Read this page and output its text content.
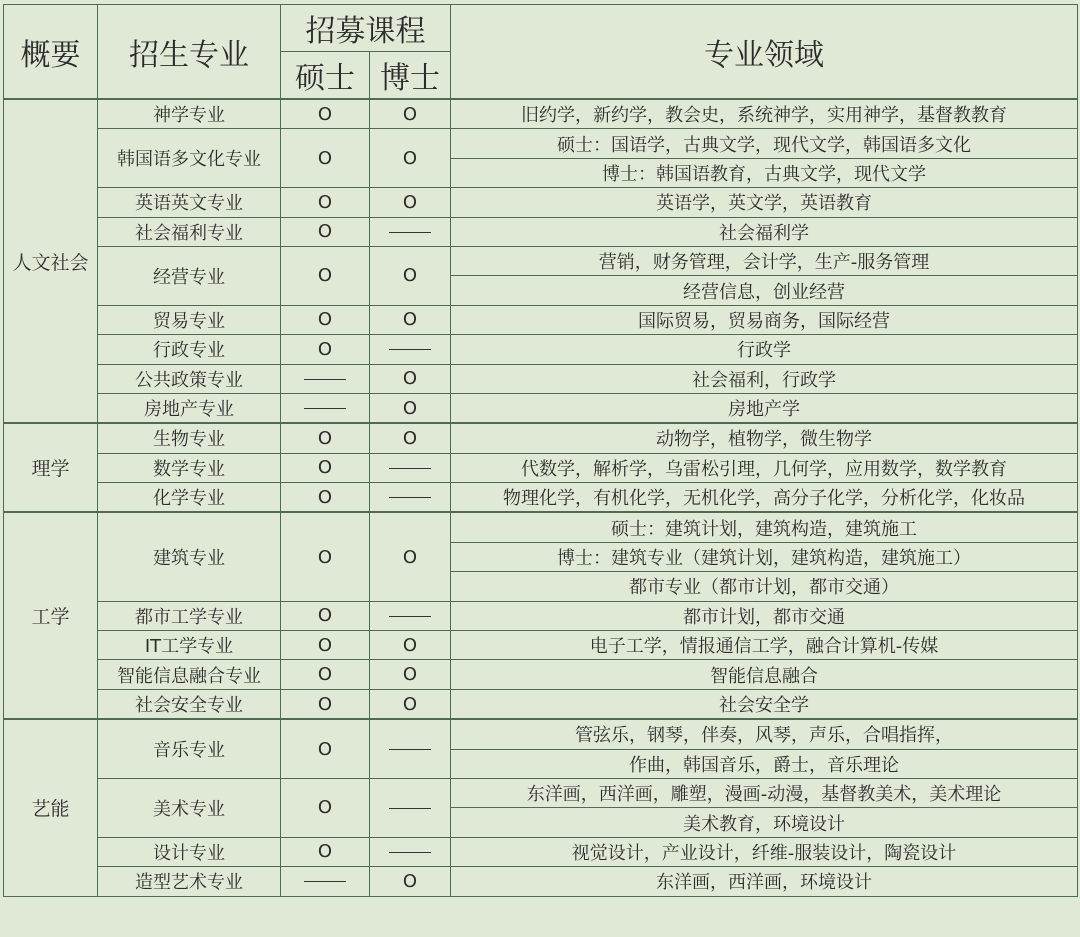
概要	招生专业	招募课程		专业领域
		硕士	博士	
人文社会	神学专业	O	O	旧约学，新约学，教会史，系统神学，实用神学，基督教教育
	韩国语多文化专业	O	O	硕士：国语学，古典文学，现代文学，韩国语多文化
				博士：韩国语教育，古典文学，现代文学
	英语英文专业	O	O	英语学，英文学，英语教育
	社会福利专业	O		社会福利学
	经营专业	O	O	营销，财务管理，会计学，生产-服务管理
				经营信息，创业经营
	贸易专业	O	O	国际贸易，贸易商务，国际经营
	行政专业	O		行政学
	公共政策专业		O	社会福利，行政学
	房地产专业		O	房地产学
理学	生物专业	O	O	动物学，植物学，微生物学
	数学专业	O		代数学，解析学，乌雷松引理，几何学，应用数学，数学教育
	化学专业	O		物理化学，有机化学，无机化学，高分子化学，分析化学，化妆品
工学	建筑专业	O	O	硕士：建筑计划，建筑构造，建筑施工
				博士：建筑专业（建筑计划，建筑构造，建筑施工）
				都市专业（都市计划，都市交通）
	都市工学专业	O		都市计划，都市交通
	IT工学专业	O	O	电子工学，情报通信工学，融合计算机-传媒
	智能信息融合专业	O	O	智能信息融合
	社会安全专业	O	O	社会安全学
艺能	音乐专业	O		管弦乐，钢琴，伴奏，风琴，声乐，合唱指挥，
				作曲，韩国音乐，爵士，音乐理论
	美术专业	O		东洋画，西洋画，雕塑，漫画-动漫，基督教美术，美术理论
				美术教育，环境设计
	设计专业	O		视觉设计，产业设计，纤维-服装设计，陶瓷设计
	造型艺术专业		O	东洋画，西洋画，环境设计
